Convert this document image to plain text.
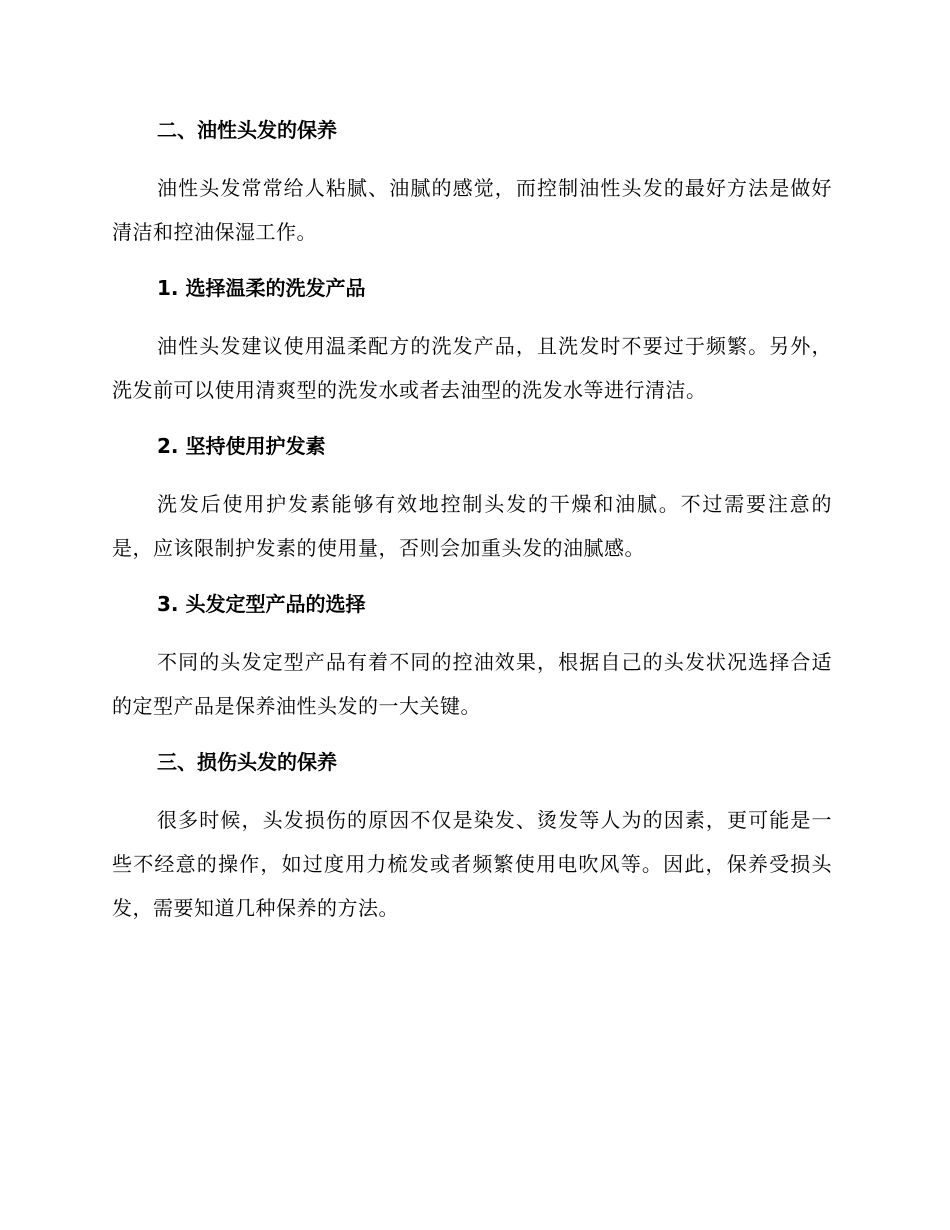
二、油性头发的保养

油性头发常常给人粘腻、油腻的感觉，而控制油性头发的最好方法是做好清洁和控油保湿工作。

1. 选择温柔的洗发产品

油性头发建议使用温柔配方的洗发产品，且洗发时不要过于频繁。另外，洗发前可以使用清爽型的洗发水或者去油型的洗发水等进行清洁。

2. 坚持使用护发素

洗发后使用护发素能够有效地控制头发的干燥和油腻。不过需要注意的是，应该限制护发素的使用量，否则会加重头发的油腻感。

3. 头发定型产品的选择

不同的头发定型产品有着不同的控油效果，根据自己的头发状况选择合适的定型产品是保养油性头发的一大关键。

三、损伤头发的保养

很多时候，头发损伤的原因不仅是染发、烫发等人为的因素，更可能是一些不经意的操作，如过度用力梳发或者频繁使用电吹风等。因此，保养受损头发，需要知道几种保养的方法。
